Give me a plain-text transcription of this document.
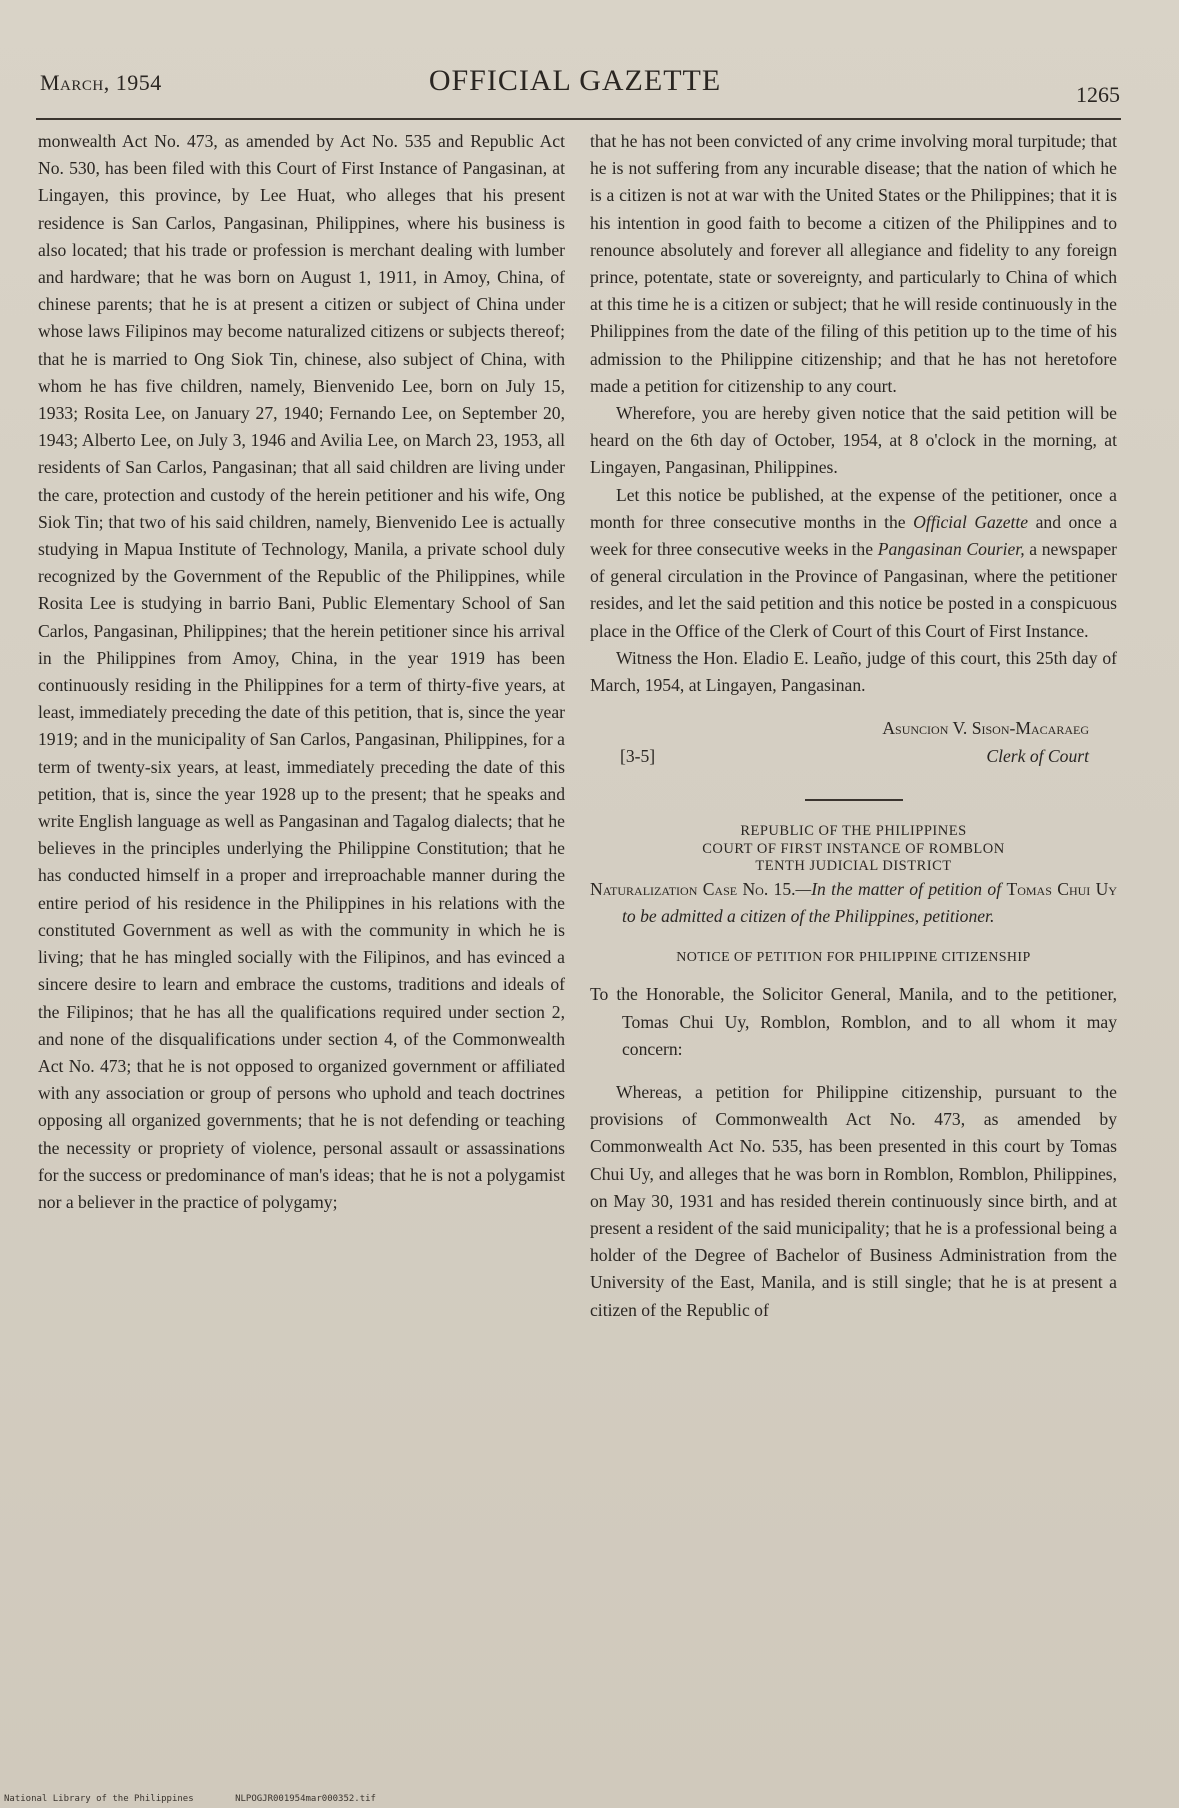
March, 1954	OFFICIAL GAZETTE	1265

monwealth Act No. 473, as amended by Act No. 535 and Republic Act No. 530, has been filed with this Court of First Instance of Pangasinan, at Lingayen, this province, by Lee Huat, who alleges that his present residence is San Carlos, Pangasinan, Philippines, where his business is also located; that his trade or profession is merchant dealing with lumber and hardware; that he was born on August 1, 1911, in Amoy, China, of chinese parents; that he is at present a citizen or subject of China under whose laws Filipinos may become naturalized citizens or subjects thereof; that he is married to Ong Siok Tin, chinese, also subject of China, with whom he has five children, namely, Bienvenido Lee, born on July 15, 1933; Rosita Lee, on January 27, 1940; Fernando Lee, on September 20, 1943; Alberto Lee, on July 3, 1946 and Avilia Lee, on March 23, 1953, all residents of San Carlos, Pangasinan; that all said children are living under the care, protection and custody of the herein petitioner and his wife, Ong Siok Tin; that two of his said children, namely, Bienvenido Lee is actually studying in Mapua Institute of Technology, Manila, a private school duly recognized by the Government of the Republic of the Philippines, while Rosita Lee is studying in barrio Bani, Public Elementary School of San Carlos, Pangasinan, Philippines; that the herein petitioner since his arrival in the Philippines from Amoy, China, in the year 1919 has been continuously residing in the Philippines for a term of thirty-five years, at least, immediately preceding the date of this petition, that is, since the year 1919; and in the municipality of San Carlos, Pangasinan, Philippines, for a term of twenty-six years, at least, immediately preceding the date of this petition, that is, since the year 1928 up to the present; that he speaks and write English language as well as Pangasinan and Tagalog dialects; that he believes in the principles underlying the Philippine Constitution; that he has conducted himself in a proper and irreproachable manner during the entire period of his residence in the Philippines in his relations with the constituted Government as well as with the community in which he is living; that he has mingled socially with the Filipinos, and has evinced a sincere desire to learn and embrace the customs, traditions and ideals of the Filipinos; that he has all the qualifications required under section 2, and none of the disqualifications under section 4, of the Commonwealth Act No. 473; that he is not opposed to organized government or affiliated with any association or group of persons who uphold and teach doctrines opposing all organized governments; that he is not defending or teaching the necessity or propriety of violence, personal assault or assassinations for the success or predominance of man's ideas; that he is not a polygamist nor a believer in the practice of polygamy;

that he has not been convicted of any crime involving moral turpitude; that he is not suffering from any incurable disease; that the nation of which he is a citizen is not at war with the United States or the Philippines; that it is his intention in good faith to become a citizen of the Philippines and to renounce absolutely and forever all allegiance and fidelity to any foreign prince, potentate, state or sovereignty, and particularly to China of which at this time he is a citizen or subject; that he will reside continuously in the Philippines from the date of the filing of this petition up to the time of his admission to the Philippine citizenship; and that he has not heretofore made a petition for citizenship to any court.

Wherefore, you are hereby given notice that the said petition will be heard on the 6th day of October, 1954, at 8 o'clock in the morning, at Lingayen, Pangasinan, Philippines.

Let this notice be published, at the expense of the petitioner, once a month for three consecutive months in the Official Gazette and once a week for three consecutive weeks in the Pangasinan Courier, a newspaper of general circulation in the Province of Pangasinan, where the petitioner resides, and let the said petition and this notice be posted in a conspicuous place in the Office of the Clerk of Court of this Court of First Instance.

Witness the Hon. Eladio E. Leaño, judge of this court, this 25th day of March, 1954, at Lingayen, Pangasinan.

Asuncion V. Sison-Macaraeg
[3-5]	Clerk of Court
REPUBLIC OF THE PHILIPPINES
COURT OF FIRST INSTANCE OF ROMBLON
TENTH JUDICIAL DISTRICT

Naturalization Case No. 15.—In the matter of petition of Tomas Chui Uy to be admitted a citizen of the Philippines, petitioner.

NOTICE OF PETITION FOR PHILIPPINE CITIZENSHIP

To the Honorable, the Solicitor General, Manila, and to the petitioner, Tomas Chui Uy, Romblon, Romblon, and to all whom it may concern:

Whereas, a petition for Philippine citizenship, pursuant to the provisions of Commonwealth Act No. 473, as amended by Commonwealth Act No. 535, has been presented in this court by Tomas Chui Uy, and alleges that he was born in Romblon, Romblon, Philippines, on May 30, 1931 and has resided therein continuously since birth, and at present a resident of the said municipality; that he is a professional being a holder of the Degree of Bachelor of Business Administration from the University of the East, Manila, and is still single; that he is at present a citizen of the Republic of

National Library of the Philippines	NLPOGJR001954mar000352.tif
